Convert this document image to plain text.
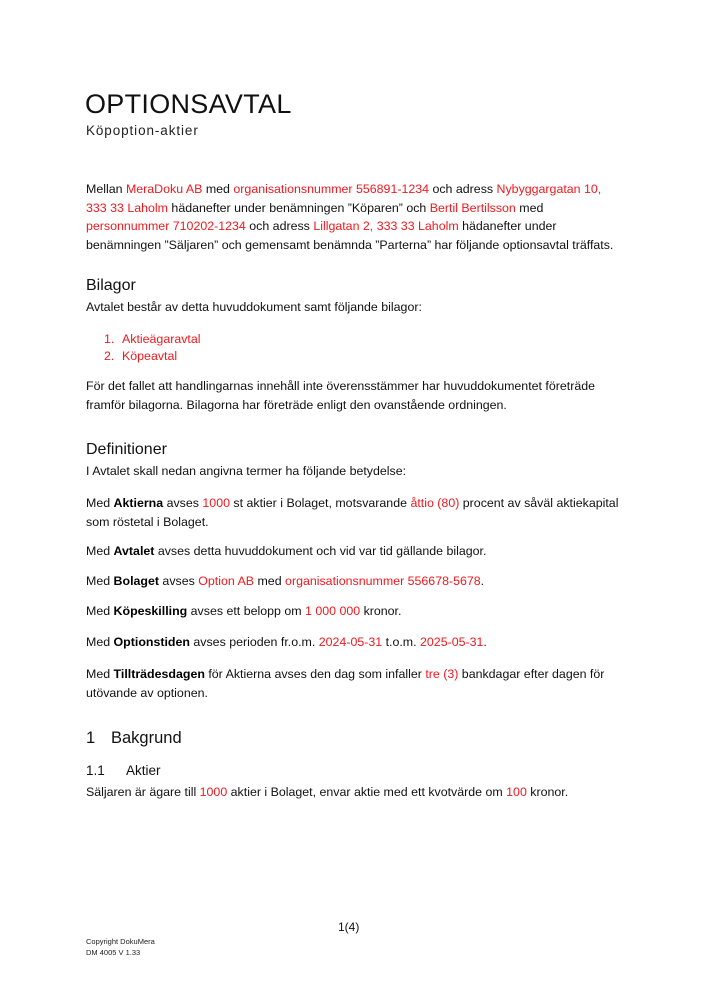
OPTIONSAVTAL
Köpoption-aktier

Mellan MeraDoku AB med organisationsnummer 556891-1234 och adress Nybyggargatan 10,
333 33 Laholm hädanefter under benämningen ”Köparen” och Bertil Bertilsson med
personnummer 710202-1234 och adress Lillgatan 2, 333 33 Laholm hädanefter under
benämningen ”Säljaren” och gemensamt benämnda ”Parterna” har följande optionsavtal träffats.

Bilagor

Avtalet består av detta huvuddokument samt följande bilagor:

1. Aktieägaravtal
2. Köpeavtal

För det fallet att handlingarnas innehåll inte överensstämmer har huvuddokumentet företräde
framför bilagorna. Bilagorna har företräde enligt den ovanstående ordningen.

Definitioner

I Avtalet skall nedan angivna termer ha följande betydelse:

Med Aktierna avses 1000 st aktier i Bolaget, motsvarande åttio (80) procent av såväl aktiekapital
som röstetal i Bolaget.

Med Avtalet avses detta huvuddokument och vid var tid gällande bilagor.

Med Bolaget avses Option AB med organisationsnummer 556678-5678.

Med Köpeskilling avses ett belopp om 1 000 000 kronor.

Med Optionstiden avses perioden fr.o.m. 2024-05-31 t.o.m. 2025-05-31.

Med Tillträdesdagen för Aktierna avses den dag som infaller tre (3) bankdagar efter dagen för
utövande av optionen.

1 Bakgrund
1.1 Aktier

Säljaren är ägare till 1000 aktier i Bolaget, envar aktie med ett kvotvärde om 100 kronor.

1(4)
Copyright DokuMera
DM 4005 V 1.33
